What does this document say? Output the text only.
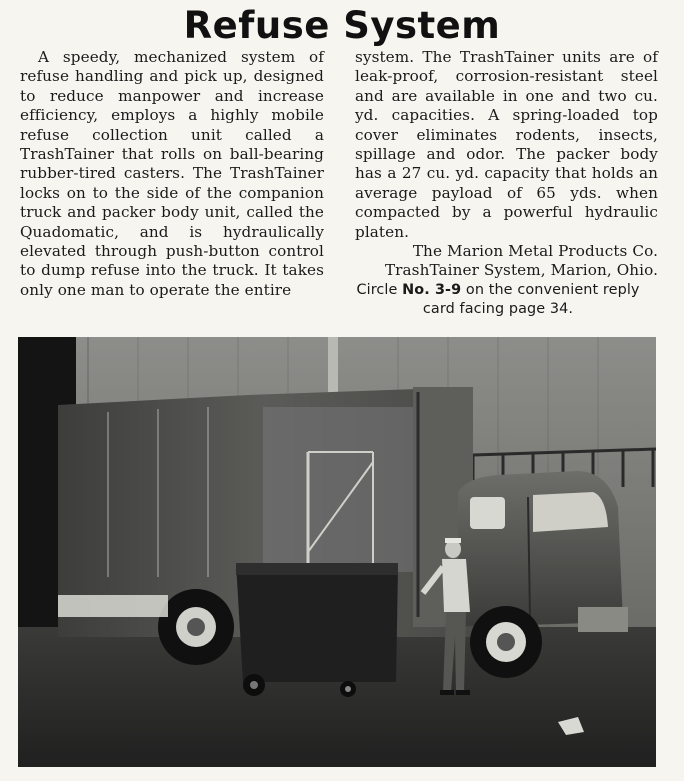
Refuse System

A speedy, mechanized system of refuse handling and pick up, designed to reduce manpower and increase efficiency, employs a highly mobile refuse collection unit called a TrashTainer that rolls on ball-bearing rubber-tired casters. The TrashTainer locks on to the side of the companion truck and packer body unit, called the Quadomatic, and is hydraulically elevated through push-button control to dump refuse into the truck. It takes only one man to operate the entire

system. The TrashTainer units are of leak-proof, corrosion-resistant steel and are available in one and two cu. yd. capacities. A spring-loaded top cover eliminates rodents, insects, spillage and odor. The packer body has a 27 cu. yd. capacity that holds an average payload of 65 yds. when compacted by a powerful hydraulic platen.

The Marion Metal Products Co. TrashTainer System, Marion, Ohio.

Circle No. 3-9 on the convenient reply card facing page 34.
